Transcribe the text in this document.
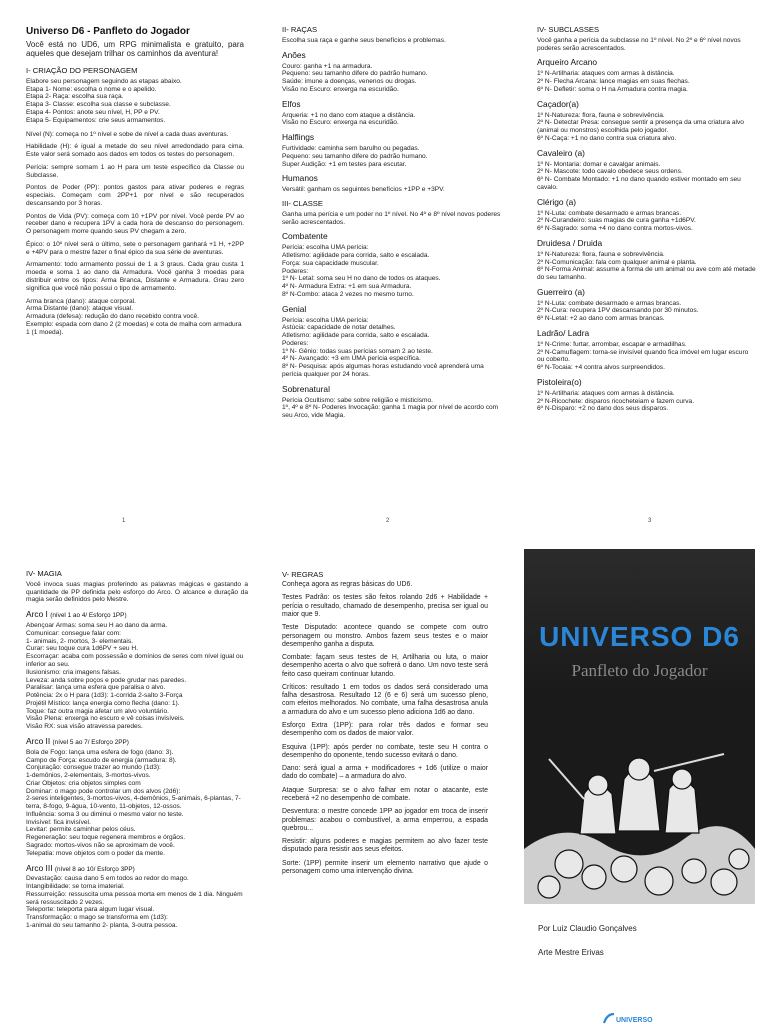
Universo D6 - Panfleto do Jogador
Você está no UD6, um RPG minimalista e gratuito, para aqueles que desejam trilhar os caminhos da aventura!
I- CRIAÇÃO DO PERSONAGEM
Elabore seu personagem seguindo as etapas abaixo.
Etapa 1- Nome: escolha o nome e o apelido.
Etapa 2- Raça: escolha sua raça.
Etapa 3- Classe: escolha sua classe e subclasse.
Etapa 4- Pontos: anote seu nível, H, PP e PV.
Etapa 5- Equipamentos: crie seus armamentos.

Nível (N): começa no 1º nível e sobe de nível a cada duas aventuras.

Habilidade (H): é igual a metade do seu nível arredondado para cima. Este valor será somado aos dados em todos os testes do personagem.

Perícia: sempre somam 1 ao H para um teste específico da Classe ou Subclasse.

Pontos de Poder (PP): pontos gastos para ativar poderes e regras especiais. Começam com 2PP+1 por nível e são recuperados descansando por 3 horas.

Pontos de Vida (PV): começa com 10 +1PV por nível. Você perde PV ao receber dano e recupera 1PV a cada hora de descanso do personagem. O personagem morre quando seus PV chegam a zero.

Épico: o 10º nível será o último, sete o personagem ganhará +1 H, +2PP e +4PV para o mestre fazer o final épico da sua série de aventuras.

Armamento: todo armamento possui de 1 a 3 graus. Cada grau custa 1 moeda e soma 1 ao dano da Armadura. Você ganha 3 moedas para distribuir entre os tipos: Arma Branca, Distante e Armadura. Grau zero significa que você não possui o tipo de armamento.

Arma branca (dano): ataque corporal.
Arma Distante (dano): ataque visual.
Armadura (defesa): redução do dano recebido contra você.
Exemplo: espada com dano 2 (2 moedas) e cota de malha com armadura 1 (1 moeda).
1
II- RAÇAS

Escolha sua raça e ganhe seus benefícios e problemas.

Anões
Couro: ganha +1 na armadura.
Pequeno: seu tamanho difere do padrão humano.
Saúde: imune a doenças, venenos ou drogas.
Visão no Escuro: enxerga na escuridão.
Elfos
Arqueria: +1 no dano com ataque a distância.
Visão no Escuro: enxerga na escuridão.
Halflings
Furtividade: caminha sem barulho ou pegadas.
Pequeno: seu tamanho difere do padrão humano.
Super Audição: +1 em testes para escutar.
Humanos
Versátil: ganham os seguintes benefícios +1PP e +3PV.
III- CLASSE

Ganha uma perícia e um poder no 1º nível. No 4º e 8º nível novos poderes serão acrescentados.

Combatente
Perícia: escolha UMA perícia:
Atletismo: agilidade para corrida, salto e escalada.
Força: sua capacidade muscular.
Poderes:
1º N- Letal: soma seu H no dano de todos os ataques.
4º N- Armadura Extra: +1 em sua Armadura.
8º N-Combo: ataca 2 vezes no mesmo turno.
Genial
Perícia: escolha UMA perícia:
Astúcia: capacidade de notar detalhes.
Atletismo: agilidade para corrida, salto e escalada.
Poderes:
1º N- Gênio: todas suas perícias somam 2 ao teste.
4º N- Avançado: +3 em UMA perícia específica.
8º N- Pesquisa: após algumas horas estudando você aprenderá uma perícia qualquer por 24 horas.
Sobrenatural
Perícia Ocultismo: sabe sobre religião e misticismo.
1º, 4º e 8º N- Poderes Invocação: ganha 1 magia por nível de acordo com seu Arco, vide Magia.
2
IV- SUBCLASSES

Você ganha a perícia da subclasse no 1º nível. No 2º e 6º nível novos poderes serão acrescentados.

Arqueiro Arcano
1º N-Artilharia: ataques com armas à distância.
2º N- Flecha Arcana: lance magias em suas flechas.
6º N- Defletir: soma o H na Armadura contra magia.
Caçador(a)
1º N-Natureza: flora, fauna e sobrevivência.
2º N- Detectar Presa: consegue sentir a presença da uma criatura alvo (animal ou monstros) escolhida pelo jogador.
6º N-Caça: +1 no dano contra sua criatura alvo.
Cavaleiro (a)
1º N- Montaria: domar e cavalgar animais.
2º N- Mascote: todo cavalo obedece seus ordens.
6º N- Combate Montado: +1 no dano quando estiver montado em seu cavalo.
Clérigo (a)
1º N-Luta: combate desarmado e armas brancas.
2º N-Curandeiro: suas magias de cura ganha +1d6PV.
6º N-Sagrado: soma +4 no dano contra mortos-vivos.
Druidesa / Druida
1º N-Natureza: flora, fauna e sobrevivência.
2º N-Comunicação: fala com qualquer animal e planta.
6º N-Forma Animal: assume a forma de um animal ou ave com até metade do seu tamanho.
Guerreiro (a)
1º N-Luta: combate desarmado e armas brancas.
2º N-Cura: recupera 1PV descansando por 30 minutos.
6º N-Letal: +2 ao dano com armas brancas.
Ladrão/ Ladra
1º N-Crime: furtar, arrombar, escapar e armadilhas.
2º N-Camuflagem: torna-se invisível quando fica imóvel em lugar escuro ou coberto.
6º N-Tocaia: +4 contra alvos surpreendidos.
Pistoleira(o)
1º N-Artilharia: ataques com armas à distância.
2º N-Ricochete: disparos ricocheteiam e fazem curva.
6º N-Disparo: +2 no dano dos seus disparos.
3
IV- MAGIA

Você invoca suas magias proferindo as palavras mágicas e gastando a quantidade de PP definida pelo esforço do Arco. O alcance e duração da magia serão definidos pelo Mestre.

Arco I (nível 1 ao 4/ Esforço 1PP)
Abençoar Armas: soma seu H ao dano da arma.
Comunicar: consegue falar com:
1- animais, 2- mortos, 3- elementais.
Curar: seu toque cura 1d6PV + seu H.
Escorraçar: acaba com possessão e domínios de seres com nível igual ou inferior ao seu.
Ilusionismo: cria imagens falsas.
Leveza: anda sobre poços e pode grudar nas paredes.
Paralisar: lança uma esfera que paralisa o alvo.
Potência: 2x o H para (1d3): 1-corrida 2-salto 3-Força
Projétil Místico: lança energia como flecha (dano: 1).
Toque: faz outra magia afetar um alvo voluntário.
Visão Plena: enxerga no escuro e vê coisas invisíveis.
Visão RX: sua visão atravessa paredes.
Arco II (nível 5 ao 7/ Esforço 2PP)
Bola de Fogo: lança uma esfera de fogo (dano: 3).
Campo de Força: escudo de energia (armadura: 8).
Conjuração: consegue trazer ao mundo (1d3):
1-demônios, 2-elementais, 3-mortos-vivos.
Criar Objetos: cria objetos simples com
Dominar: o mago pode controlar um dos alvos (2d6):
2-seres inteligentes, 3-mortos-vivos, 4-demônios, 5-animais, 6-plantas, 7-terra, 8-fogo, 9-água, 10-vento, 11-objetos, 12-ossos.
Influência: soma 3 ou diminui o mesmo valor no teste.
Invisível: fica invisível.
Levitar: permite caminhar pelos céus.
Regeneração: seu toque regenera membros e órgãos.
Sagrado: mortos-vivos não se aproximam de você.
Telepatia: move objetos com o poder da mente.
Arco III (nível 8 ao 10/ Esforço 3PP)
Devastação: causa dano 5 em todos ao redor do mago.
Intangibilidade: se torna imaterial.
Ressurreição: ressuscita uma pessoa morta em menos de 1 dia. Ninguém será ressuscitado 2 vezes.
Teleporte: teleporta para algum lugar visual.
Transformação: o mago se transforma em (1d3):
1-animal do seu tamanho 2- planta, 3-outra pessoa.
V- REGRAS

Conheça agora as regras básicas do UD6.

Testes Padrão: os testes são feitos rolando 2d6 + Habilidade + perícia o resultado, chamado de desempenho, precisa ser igual ou maior que 9.

Teste Disputado: acontece quando se compete com outro personagem ou monstro. Ambos fazem seus testes e o maior desempenho ganha a disputa.

Combate: façam seus testes de H, Artilharia ou luta, o maior desempenho acerta o alvo que sofrerá o dano. Um novo teste será feito caso queiram continuar lutando.

Críticos: resultado 1 em todos os dados será considerado uma falha desastrosa. Resultado 12 (6 e 6) será um sucesso pleno, com efeitos melhorados. No combate, uma falha desastrosa anula a armadura do alvo e um sucesso pleno adiciona 1d6 ao dano.

Esforço Extra (1PP): para rolar três dados e formar seu desempenho com os dados de maior valor.

Esquiva (1PP): após perder no combate, teste seu H contra o desempenho do oponente, tendo sucesso evitará o dano.

Dano: será igual a arma + modificadores + 1d6 (utilize o maior dado do combate) – a armadura do alvo.

Ataque Surpresa: se o alvo falhar em notar o atacante, este receberá +2 no desempenho de combate.

Desventura: o mestre concede 1PP ao jogador em troca de inserir problemas: acabou o combustível, a arma emperrou, a espada quebrou...

Resistir: alguns poderes e magias permitem ao alvo fazer teste disputado para resistir aos seus efeitos.

Sorte: (1PP) permite inserir um elemento narrativo que ajude o personagem como uma intervenção divina.

UNIVERSO D6
Panfleto do Jogador
Por Luiz Claudio Gonçalves
Arte Mestre Erivas
UNIVERSO
